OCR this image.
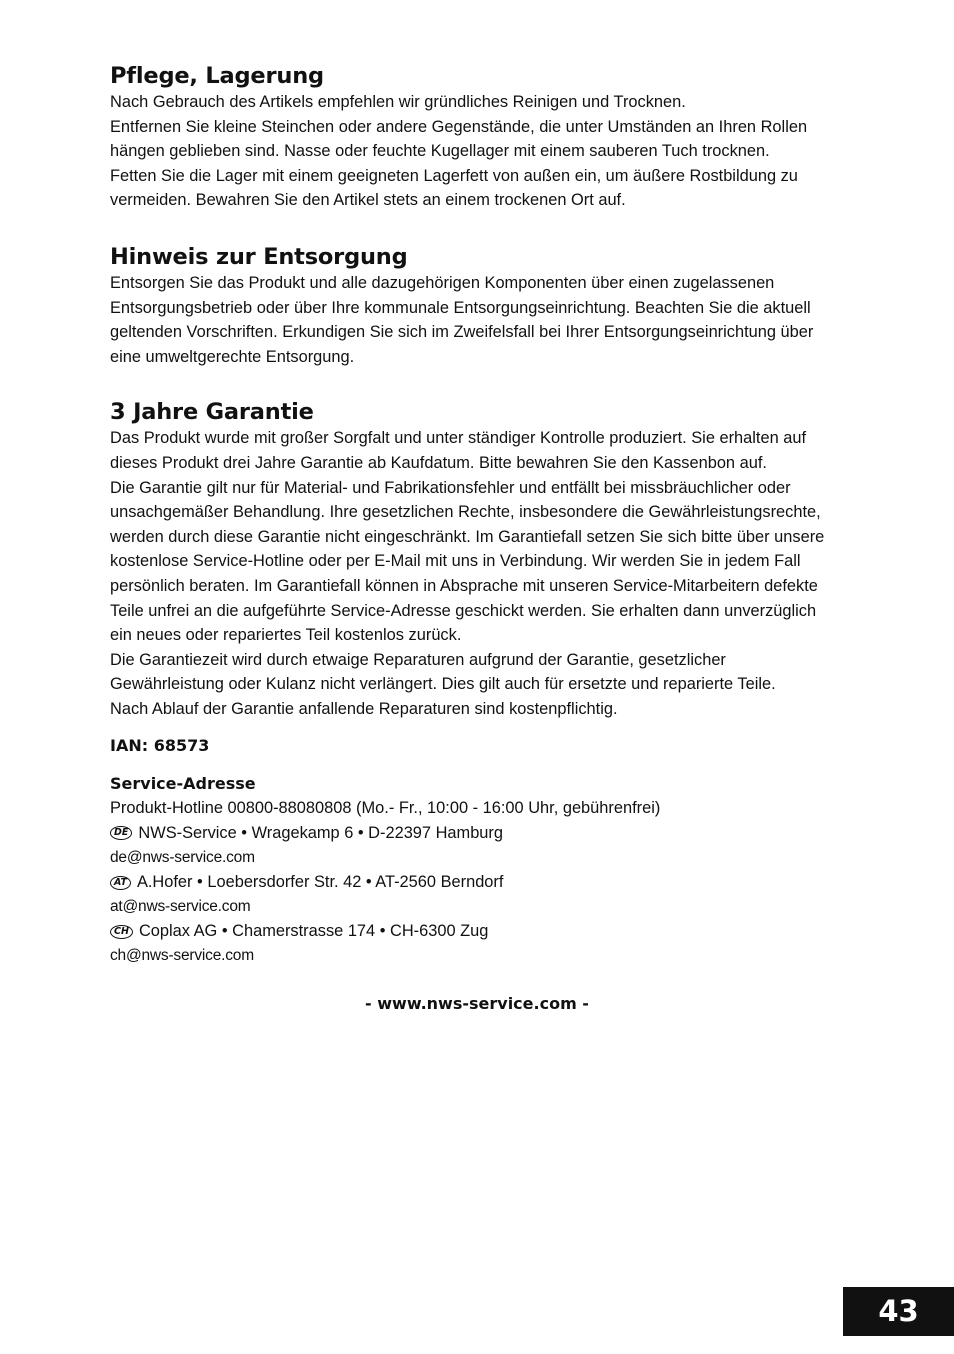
Pflege, Lagerung

Nach Gebrauch des Artikels empfehlen wir gründliches Reinigen und Trocknen.

Entfernen Sie kleine Steinchen oder andere Gegenstände, die unter Umständen an Ihren Rollen

hängen geblieben sind. Nasse oder feuchte Kugellager mit einem sauberen Tuch trocknen.

Fetten Sie die Lager mit einem geeigneten Lagerfett von außen ein, um äußere Rostbildung zu

vermeiden. Bewahren Sie den Artikel stets an einem trockenen Ort auf.

Hinweis zur Entsorgung

Entsorgen Sie das Produkt und alle dazugehörigen Komponenten über einen zugelassenen

Entsorgungsbetrieb oder über Ihre kommunale Entsorgungseinrichtung. Beachten Sie die aktuell

geltenden Vorschriften. Erkundigen Sie sich im Zweifelsfall bei Ihrer Entsorgungseinrichtung über

eine umweltgerechte Entsorgung.

3 Jahre Garantie

Das Produkt wurde mit großer Sorgfalt und unter ständiger Kontrolle produziert. Sie erhalten auf

dieses Produkt drei Jahre Garantie ab Kaufdatum. Bitte bewahren Sie den Kassenbon auf.

Die Garantie gilt nur für Material- und Fabrikationsfehler und entfällt bei missbräuchlicher oder

unsachgemäßer Behandlung. Ihre gesetzlichen Rechte, insbesondere die Gewährleistungsrechte,

werden durch diese Garantie nicht eingeschränkt. Im Garantiefall setzen Sie sich bitte über unsere

kostenlose Service-Hotline oder per E-Mail mit uns in Verbindung. Wir werden Sie in jedem Fall

persönlich beraten. Im Garantiefall können in Absprache mit unseren Service-Mitarbeitern defekte

Teile unfrei an die aufgeführte Service-Adresse geschickt werden. Sie erhalten dann unverzüglich

ein neues oder repariertes Teil kostenlos zurück.

Die Garantiezeit wird durch etwaige Reparaturen aufgrund der Garantie, gesetzlicher

Gewährleistung oder Kulanz nicht verlängert. Dies gilt auch für ersetzte und reparierte Teile.

Nach Ablauf der Garantie anfallende Reparaturen sind kostenpflichtig.

IAN: 68573

Service-Adresse

Produkt-Hotline 00800-88080808 (Mo.- Fr., 10:00 - 16:00 Uhr, gebührenfrei)

DE NWS-Service • Wragekamp 6 • D-22397 Hamburg

de@nws-service.com

AT A.Hofer • Loebersdorfer Str. 42 • AT-2560 Berndorf

at@nws-service.com

CH Coplax AG • Chamerstrasse 174 • CH-6300 Zug

ch@nws-service.com

- www.nws-service.com -
43
